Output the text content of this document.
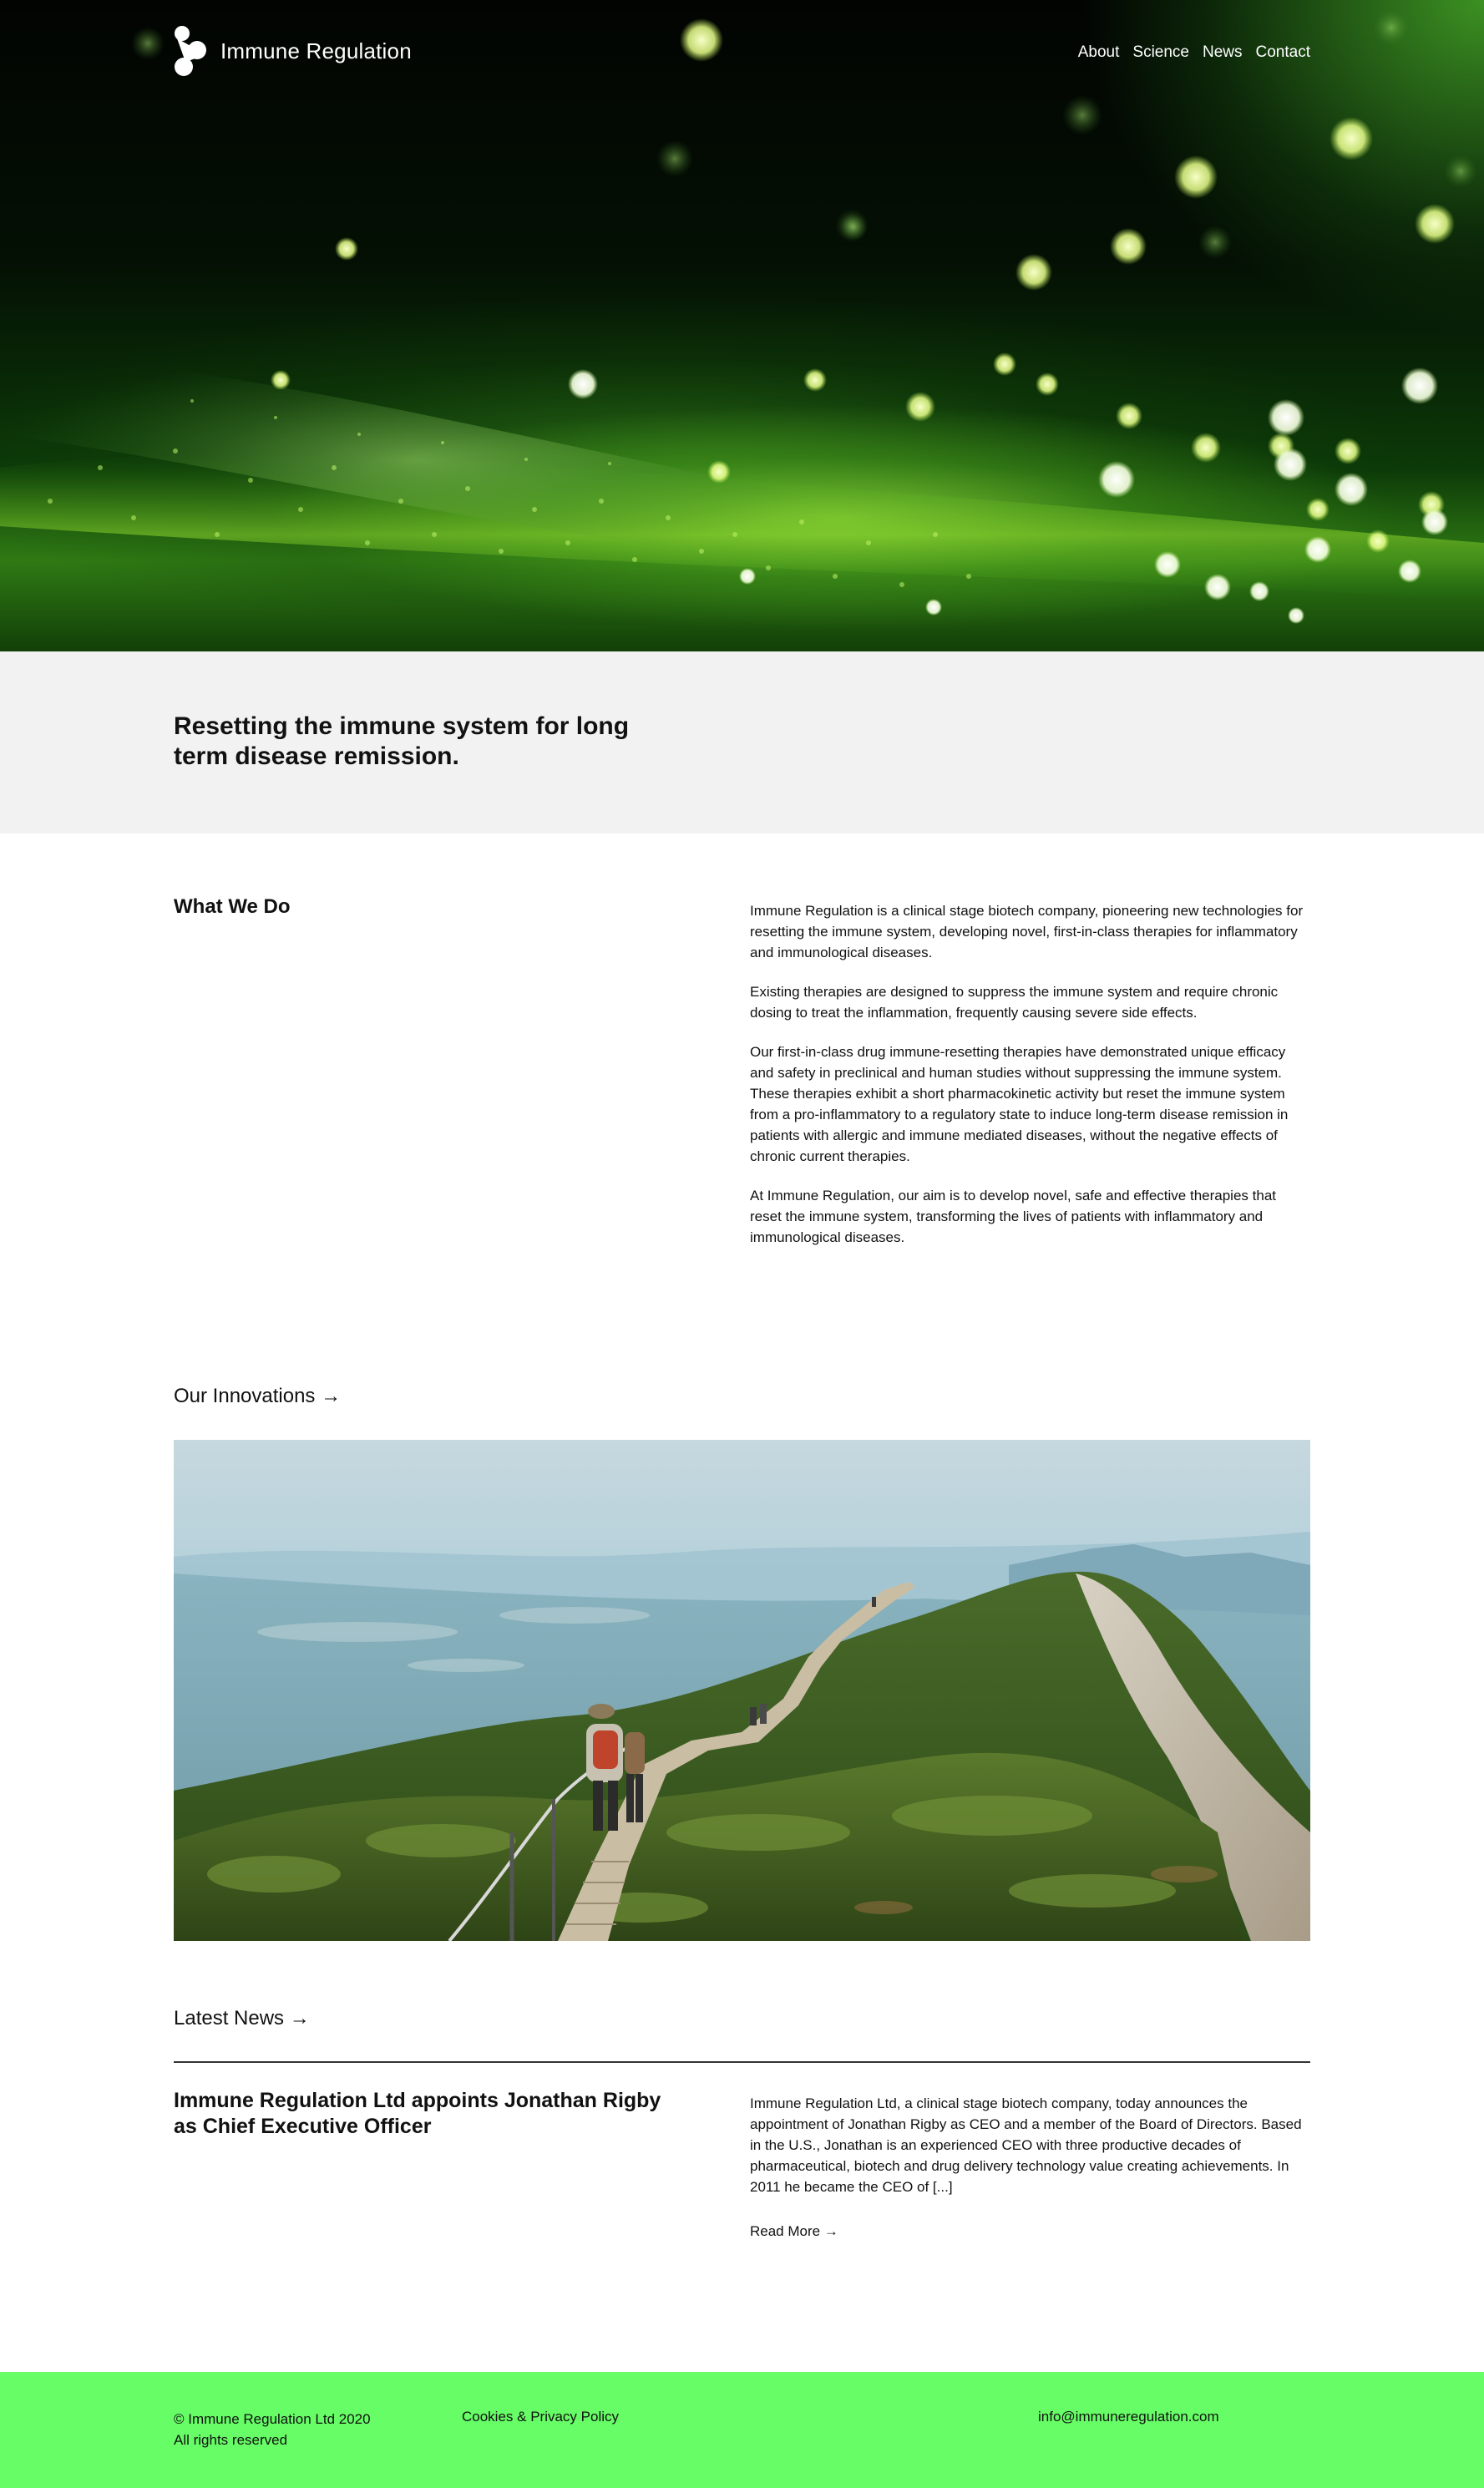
Immune Regulation	About Science News Contact
Resetting the immune system for long term disease remission.
What We Do	Immune Regulation is a clinical stage biotech company, pioneering new technologies for resetting the immune system, developing novel, first-in-class therapies for inflammatory and immunological diseases.

Existing therapies are designed to suppress the immune system and require chronic dosing to treat the inflammation, frequently causing severe side effects.

Our first-in-class drug immune-resetting therapies have demonstrated unique efficacy and safety in preclinical and human studies without suppressing the immune system. These therapies exhibit a short pharmacokinetic activity but reset the immune system from a pro-inflammatory to a regulatory state to induce long-term disease remission in patients with allergic and immune mediated diseases, without the negative effects of chronic current therapies.

At Immune Regulation, our aim is to develop novel, safe and effective therapies that reset the immune system, transforming the lives of patients with inflammatory and immunological diseases.

Our Innovations →
Latest News →
Immune Regulation Ltd appoints Jonathan Rigby as Chief Executive Officer

Immune Regulation Ltd, a clinical stage biotech company, today announces the appointment of Jonathan Rigby as CEO and a member of the Board of Directors. Based in the U.S., Jonathan is an experienced CEO with three productive decades of pharmaceutical, biotech and drug delivery technology value creating achievements. In 2011 he became the CEO of [...]

Read More →
© Immune Regulation Ltd 2020
All rights reserved
Cookies & Privacy Policy	info@immuneregulation.com
